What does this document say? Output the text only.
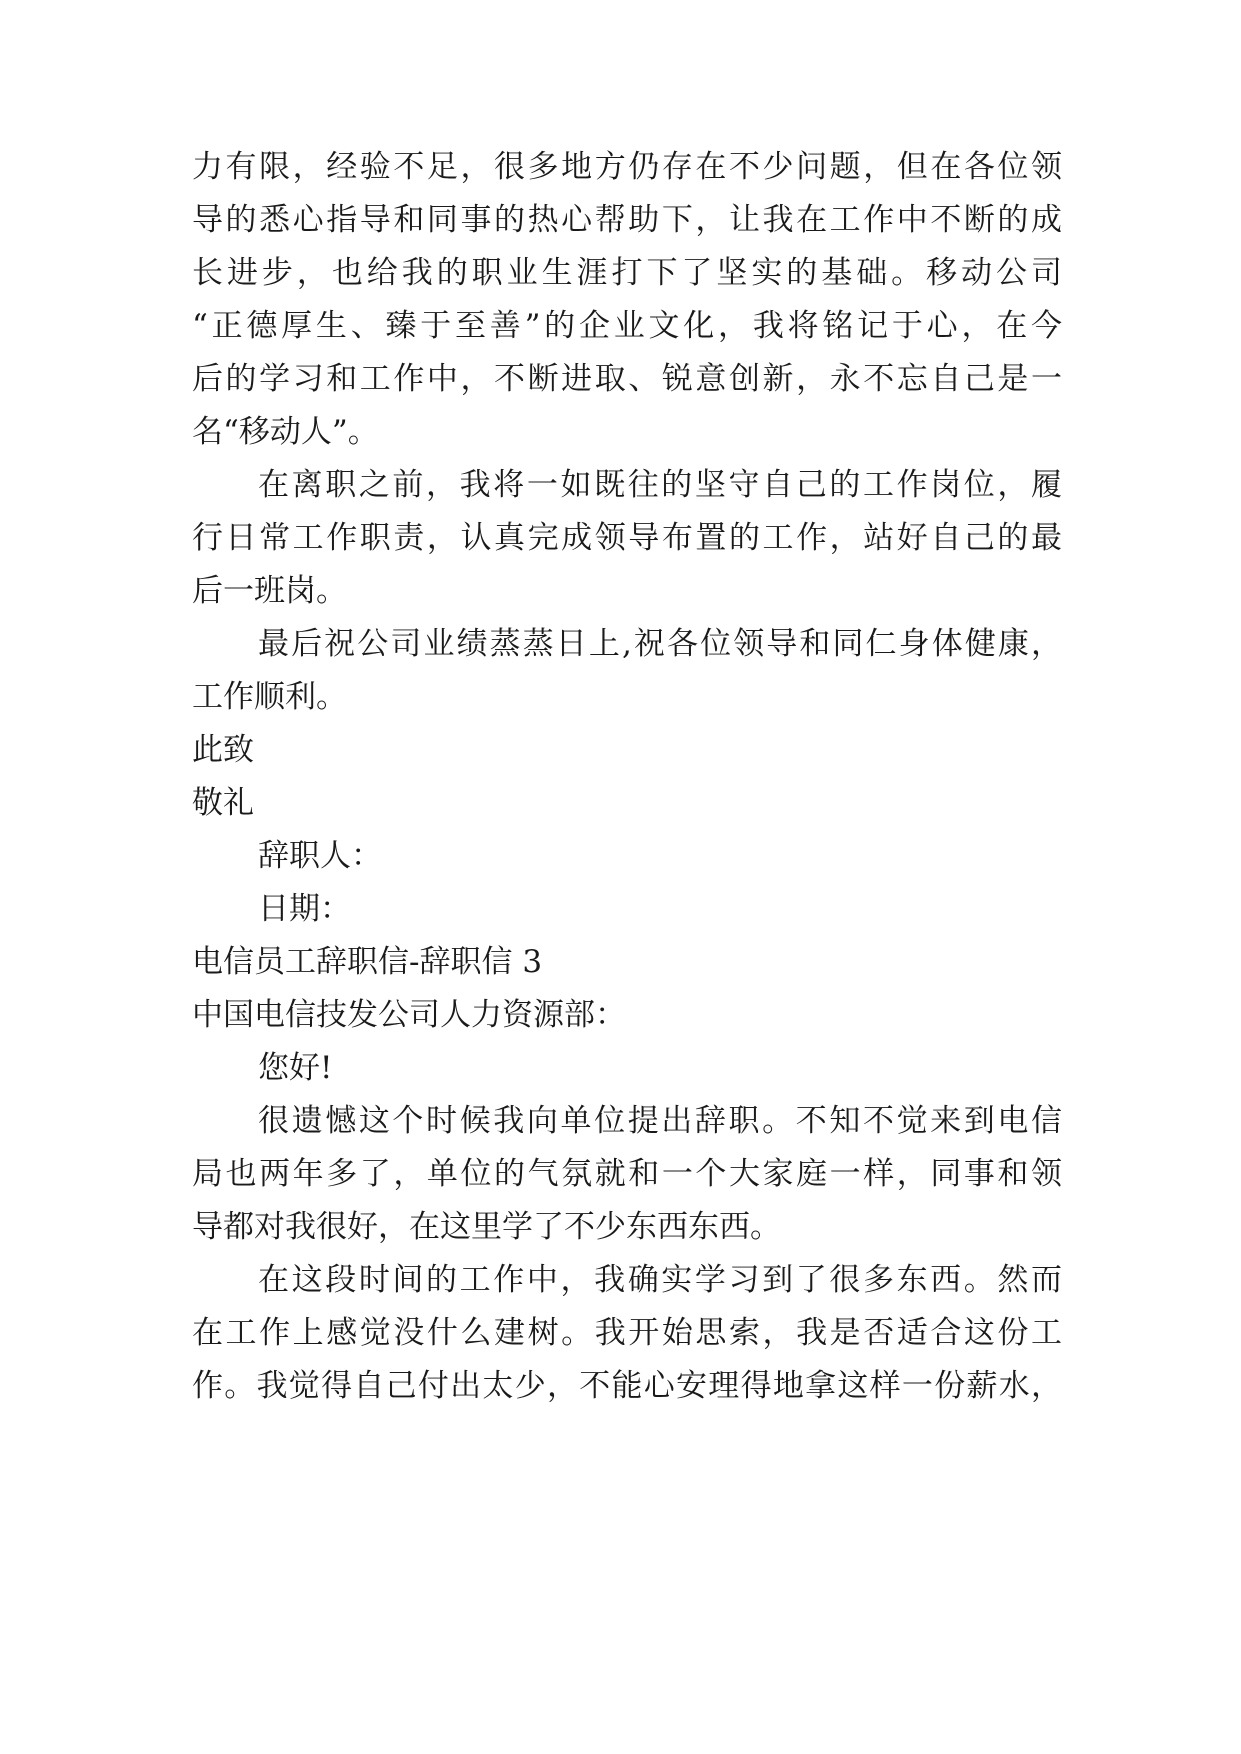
力有限，经验不足，很多地方仍存在不少问题，但在各位领
导的悉心指导和同事的热心帮助下，让我在工作中不断的成
长进步，也给我的职业生涯打下了坚实的基础。移动公司
“正德厚生、臻于至善”的企业文化，我将铭记于心，在今
后的学习和工作中，不断进取、锐意创新，永不忘自己是一
名“移动人”。
在离职之前，我将一如既往的坚守自己的工作岗位，履
行日常工作职责，认真完成领导布置的工作，站好自己的最
后一班岗。
最后祝公司业绩蒸蒸日上,祝各位领导和同仁身体健康，
工作顺利。
此致
敬礼
辞职人：
日期：
电信员工辞职信-辞职信 3
中国电信技发公司人力资源部：
您好!
很遗憾这个时候我向单位提出辞职。不知不觉来到电信
局也两年多了，单位的气氛就和一个大家庭一样，同事和领
导都对我很好，在这里学了不少东西东西。
在这段时间的工作中，我确实学习到了很多东西。然而
在工作上感觉没什么建树。我开始思索，我是否适合这份工
作。我觉得自己付出太少，不能心安理得地拿这样一份薪水，
